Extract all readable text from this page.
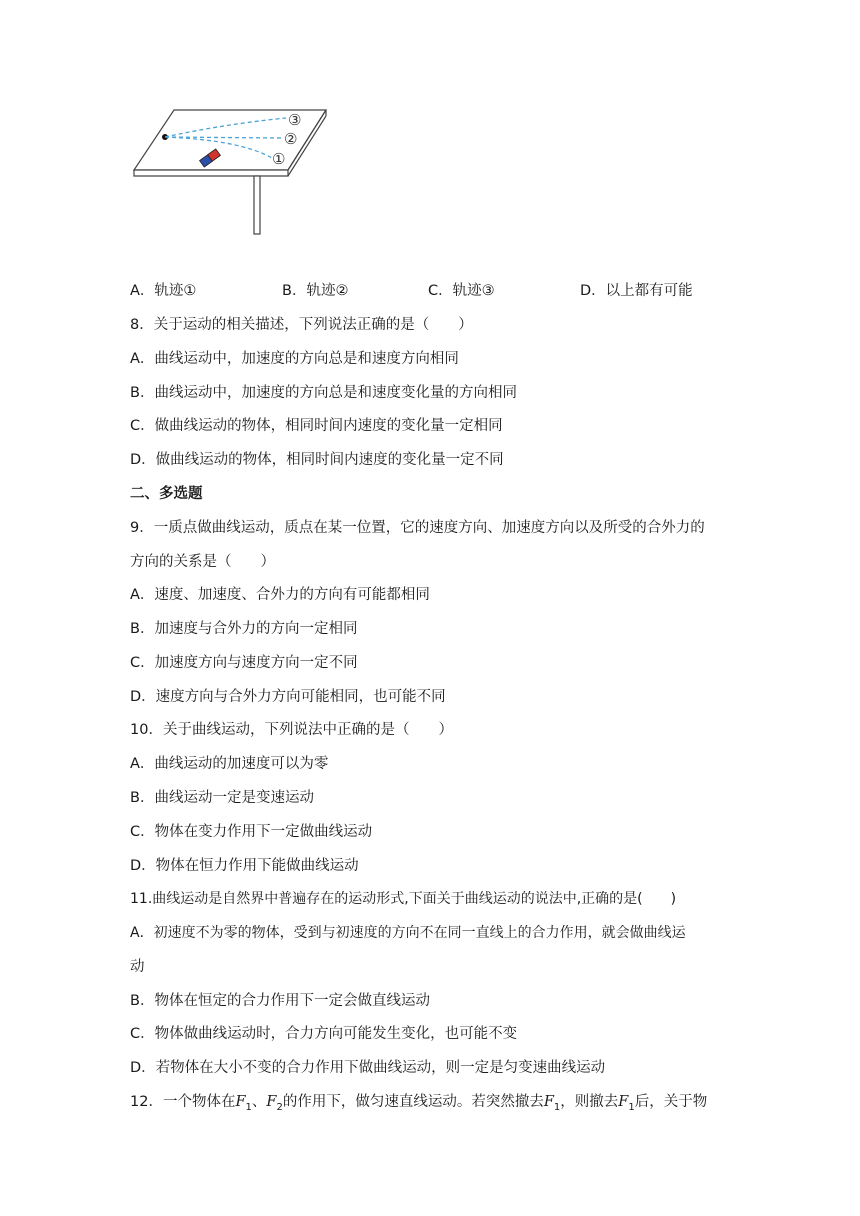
③
②
①
A．轨迹①	B．轨迹②	C．轨迹③	D．以上都有可能
8．关于运动的相关描述，下列说法正确的是（　　）
A．曲线运动中，加速度的方向总是和速度方向相同
B．曲线运动中，加速度的方向总是和速度变化量的方向相同
C．做曲线运动的物体，相同时间内速度的变化量一定相同
D．做曲线运动的物体，相同时间内速度的变化量一定不同
二、多选题
9．一质点做曲线运动，质点在某一位置，它的速度方向、加速度方向以及所受的合外力的
方向的关系是（　　）
A．速度、加速度、合外力的方向有可能都相同
B．加速度与合外力的方向一定相同
C．加速度方向与速度方向一定不同
D．速度方向与合外力方向可能相同，也可能不同
10．关于曲线运动，下列说法中正确的是（　　）
A．曲线运动的加速度可以为零
B．曲线运动一定是变速运动
C．物体在变力作用下一定做曲线运动
D．物体在恒力作用下能做曲线运动
11.曲线运动是自然界中普遍存在的运动形式,下面关于曲线运动的说法中,正确的是(　　)
A．初速度不为零的物体，受到与初速度的方向不在同一直线上的合力作用，就会做曲线运
动
B．物体在恒定的合力作用下一定会做直线运动
C．物体做曲线运动时，合力方向可能发生变化，也可能不变
D．若物体在大小不变的合力作用下做曲线运动，则一定是匀变速曲线运动
12．一个物体在$F_1$、$F_2$的作用下，做匀速直线运动。若突然撤去$F_1$，则撤去$F_1$后，关于物
